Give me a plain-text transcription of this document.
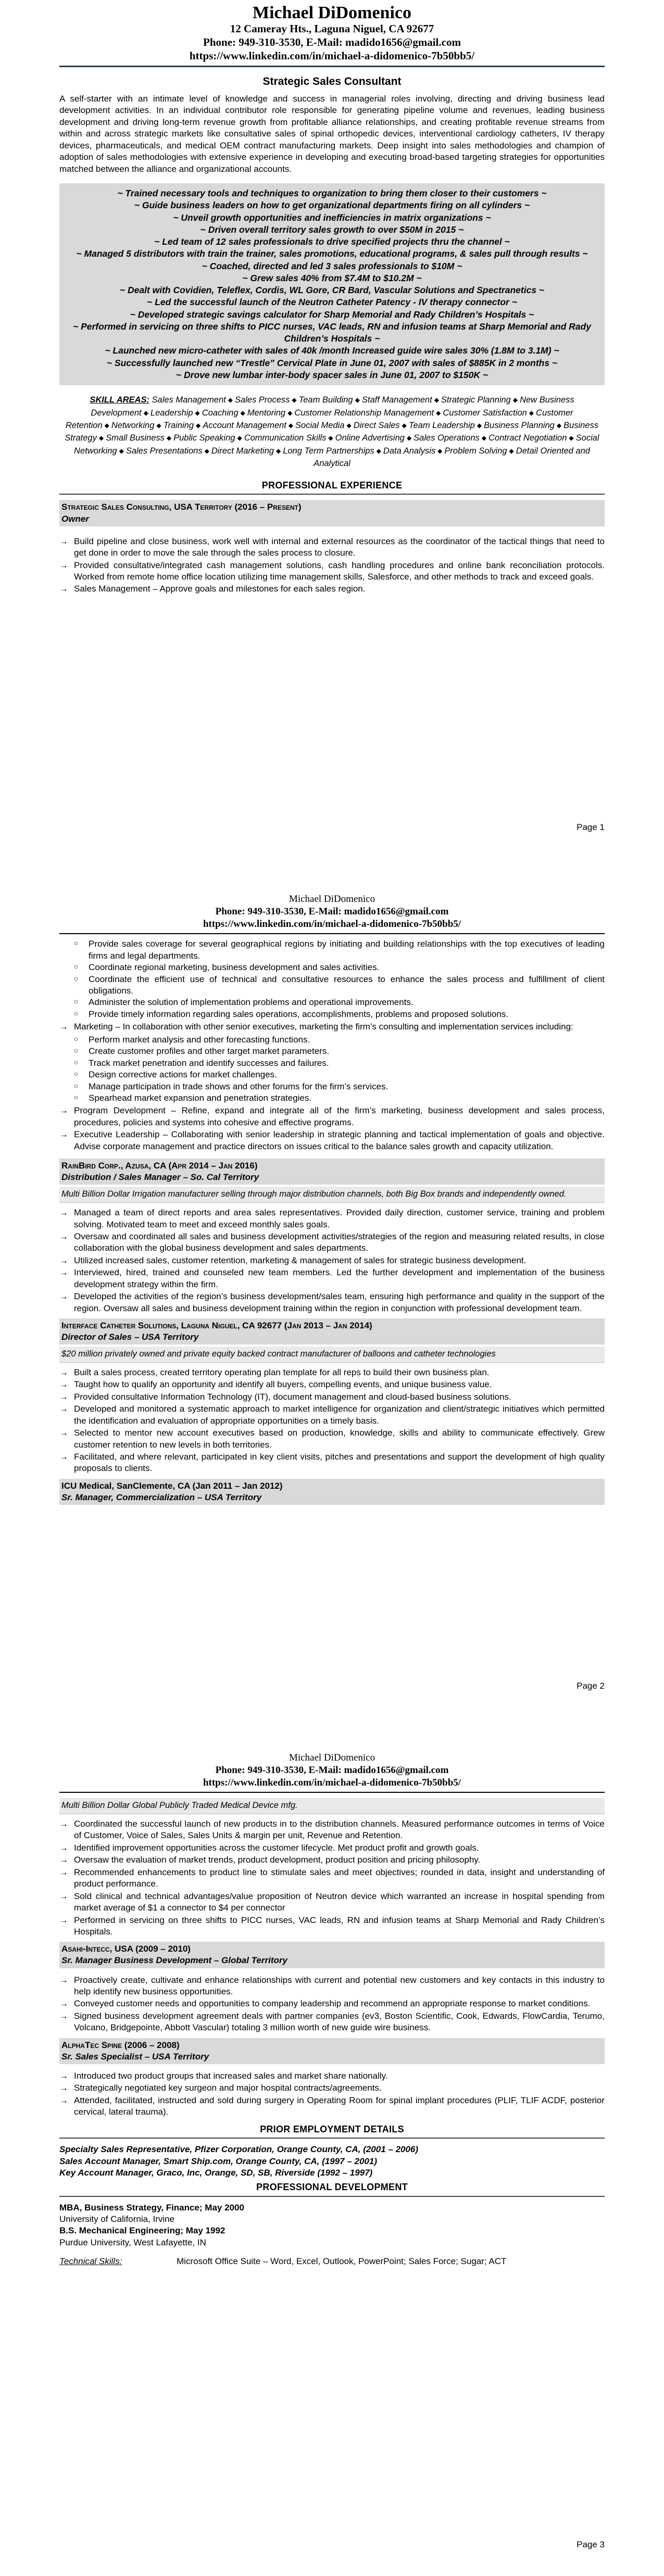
Michael DiDomenico
12 Cameray Hts., Laguna Niguel, CA 92677
Phone: 949-310-3530, E-Mail: madido1656@gmail.com
https://www.linkedin.com/in/michael-a-didomenico-7b50bb5/
Strategic Sales Consultant
A self-starter with an intimate level of knowledge and success in managerial roles involving, directing and driving business lead development activities. In an individual contributor role responsible for generating pipeline volume and revenues, leading business development and driving long-term revenue growth from profitable alliance relationships, and creating profitable revenue streams from within and across strategic markets like consultative sales of spinal orthopedic devices, interventional cardiology catheters, IV therapy devices, pharmaceuticals, and medical OEM contract manufacturing markets. Deep insight into sales methodologies and champion of adoption of sales methodologies with extensive experience in developing and executing broad-based targeting strategies for opportunities matched between the alliance and organizational accounts.
~ Trained necessary tools and techniques to organization to bring them closer to their customers ~
~ Guide business leaders on how to get organizational departments firing on all cylinders ~
~ Unveil growth opportunities and inefficiencies in matrix organizations ~
~ Driven overall territory sales growth to over $50M in 2015 ~
~ Led team of 12 sales professionals to drive specified projects thru the channel ~
~ Managed 5 distributors with train the trainer, sales promotions, educational programs, & sales pull through results ~
~ Coached, directed and led 3 sales professionals to $10M ~
~ Grew sales 40% from $7.4M to $10.2M ~
~ Dealt with Covidien, Teleflex, Cordis, WL Gore, CR Bard, Vascular Solutions and Spectranetics ~
~ Led the successful launch of the Neutron Catheter Patency - IV therapy connector ~
~ Developed strategic savings calculator for Sharp Memorial and Rady Children’s Hospitals ~
~ Performed in servicing on three shifts to PICC nurses, VAC leads, RN and infusion teams at Sharp Memorial and Rady Children’s Hospitals ~
~ Launched new micro-catheter with sales of 40k /month Increased guide wire sales 30% (1.8M to 3.1M) ~
~ Successfully launched new “Trestle” Cervical Plate in June 01, 2007 with sales of $885K in 2 months ~
~ Drove new lumbar inter-body spacer sales in June 01, 2007 to $150K ~
SKILL AREAS: Sales Management ◆ Sales Process ◆ Team Building ◆ Staff Management ◆ Strategic Planning ◆ New Business Development ◆ Leadership ◆ Coaching ◆ Mentoring ◆ Customer Relationship Management ◆ Customer Satisfaction ◆ Customer Retention ◆ Networking ◆ Training ◆ Account Management ◆ Social Media ◆ Direct Sales ◆ Team Leadership ◆ Business Planning ◆ Business Strategy ◆ Small Business ◆ Public Speaking ◆ Communication Skills ◆ Online Advertising ◆ Sales Operations ◆ Contract Negotiation ◆ Social Networking ◆ Sales Presentations ◆ Direct Marketing ◆ Long Term Partnerships ◆ Data Analysis ◆ Problem Solving ◆ Detail Oriented and Analytical
PROFESSIONAL EXPERIENCE
Strategic Sales Consulting, USA Territory (2016 – Present)
Owner
→ Build pipeline and close business, work well with internal and external resources as the coordinator of the tactical things that need to get done in order to move the sale through the sales process to closure.
→ Provided consultative/integrated cash management solutions, cash handling procedures and online bank reconciliation protocols. Worked from remote home office location utilizing time management skills, Salesforce, and other methods to track and exceed goals.
→ Sales Management – Approve goals and milestones for each sales region.
Page 1
Michael DiDomenico
Phone: 949-310-3530, E-Mail: madido1656@gmail.com
https://www.linkedin.com/in/michael-a-didomenico-7b50bb5/
○ Provide sales coverage for several geographical regions by initiating and building relationships with the top executives of leading firms and legal departments.
○ Coordinate regional marketing, business development and sales activities.
○ Coordinate the efficient use of technical and consultative resources to enhance the sales process and fulfillment of client obligations.
○ Administer the solution of implementation problems and operational improvements.
○ Provide timely information regarding sales operations, accomplishments, problems and proposed solutions.
→ Marketing – In collaboration with other senior executives, marketing the firm’s consulting and implementation services including:
○ Perform market analysis and other forecasting functions.
○ Create customer profiles and other target market parameters.
○ Track market penetration and identify successes and failures.
○ Design corrective actions for market challenges.
○ Manage participation in trade shows and other forums for the firm’s services.
○ Spearhead market expansion and penetration strategies.
→ Program Development – Refine, expand and integrate all of the firm’s marketing, business development and sales process, procedures, policies and systems into cohesive and effective programs.
→ Executive Leadership – Collaborating with senior leadership in strategic planning and tactical implementation of goals and objective. Advise corporate management and practice directors on issues critical to the balance sales growth and capacity utilization.
RainBird Corp., Azusa, CA (Apr 2014 – Jan 2016)
Distribution / Sales Manager – So. Cal Territory
Multi Billion Dollar Irrigation manufacturer selling through major distribution channels, both Big Box brands and independently owned.
→ Managed a team of direct reports and area sales representatives. Provided daily direction, customer service, training and problem solving. Motivated team to meet and exceed monthly sales goals.
→ Oversaw and coordinated all sales and business development activities/strategies of the region and measuring related results, in close collaboration with the global business development and sales departments.
→ Utilized increased sales, customer retention, marketing & management of sales for strategic business development.
→ Interviewed, hired, trained and counseled new team members. Led the further development and implementation of the business development strategy within the firm.
→ Developed the activities of the region’s business development/sales team, ensuring high performance and quality in the support of the region. Oversaw all sales and business development training within the region in conjunction with professional development team.
Interface Catheter Solutions, Laguna Niguel, CA 92677 (Jan 2013 – Jan 2014)
Director of Sales – USA Territory
$20 million privately owned and private equity backed contract manufacturer of balloons and catheter technologies
→ Built a sales process, created territory operating plan template for all reps to build their own business plan.
→ Taught how to qualify an opportunity and identify all buyers, compelling events, and unique business value.
→ Provided consultative Information Technology (IT), document management and cloud-based business solutions.
→ Developed and monitored a systematic approach to market intelligence for organization and client/strategic initiatives which permitted the identification and evaluation of appropriate opportunities on a timely basis.
→ Selected to mentor new account executives based on production, knowledge, skills and ability to communicate effectively. Grew customer retention to new levels in both territories.
→ Facilitated, and where relevant, participated in key client visits, pitches and presentations and support the development of high quality proposals to clients.
ICU Medical, SanClemente, CA (Jan 2011 – Jan 2012)
Sr. Manager, Commercialization – USA Territory
Page 2
Michael DiDomenico
Phone: 949-310-3530, E-Mail: madido1656@gmail.com
https://www.linkedin.com/in/michael-a-didomenico-7b50bb5/
Multi Billion Dollar Global Publicly Traded Medical Device mfg.
→ Coordinated the successful launch of new products in to the distribution channels. Measured performance outcomes in terms of Voice of Customer, Voice of Sales, Sales Units & margin per unit, Revenue and Retention.
→ Identified improvement opportunities across the customer lifecycle. Met product profit and growth goals.
→ Oversaw the evaluation of market trends, product development, product position and pricing philosophy.
→ Recommended enhancements to product line to stimulate sales and meet objectives; rounded in data, insight and understanding of product performance.
→ Sold clinical and technical advantages/value proposition of Neutron device which warranted an increase in hospital spending from market average of $1 a connector to $4 per connector
→ Performed in servicing on three shifts to PICC nurses, VAC leads, RN and infusion teams at Sharp Memorial and Rady Children’s Hospitals.
Asahi-Intecc, USA (2009 – 2010)
Sr. Manager Business Development – Global Territory
→ Proactively create, cultivate and enhance relationships with current and potential new customers and key contacts in this industry to help identify new business opportunities.
→ Conveyed customer needs and opportunities to company leadership and recommend an appropriate response to market conditions.
→ Signed business development agreement deals with partner companies (ev3, Boston Scientific, Cook, Edwards, FlowCardia, Terumo, Volcano, Bridgepointe, Abbott Vascular) totaling 3 million worth of new guide wire business.
AlphaTec Spine (2006 – 2008)
Sr. Sales Specialist – USA Territory
→ Introduced two product groups that increased sales and market share nationally.
→ Strategically negotiated key surgeon and major hospital contracts/agreements.
→ Attended, facilitated, instructed and sold during surgery in Operating Room for spinal implant procedures (PLIF, TLIF ACDF, posterior cervical, lateral trauma).
PRIOR EMPLOYMENT DETAILS
Specialty Sales Representative, Pfizer Corporation, Orange County, CA, (2001 – 2006)
Sales Account Manager, Smart Ship.com, Orange County, CA, (1997 – 2001)
Key Account Manager, Graco, Inc, Orange, SD, SB, Riverside (1992 – 1997)
PROFESSIONAL DEVELOPMENT
MBA, Business Strategy, Finance; May 2000
University of California, Irvine
B.S. Mechanical Engineering; May 1992
Purdue University, West Lafayette, IN
Technical Skills:	Microsoft Office Suite – Word, Excel, Outlook, PowerPoint; Sales Force; Sugar; ACT
Page 3
